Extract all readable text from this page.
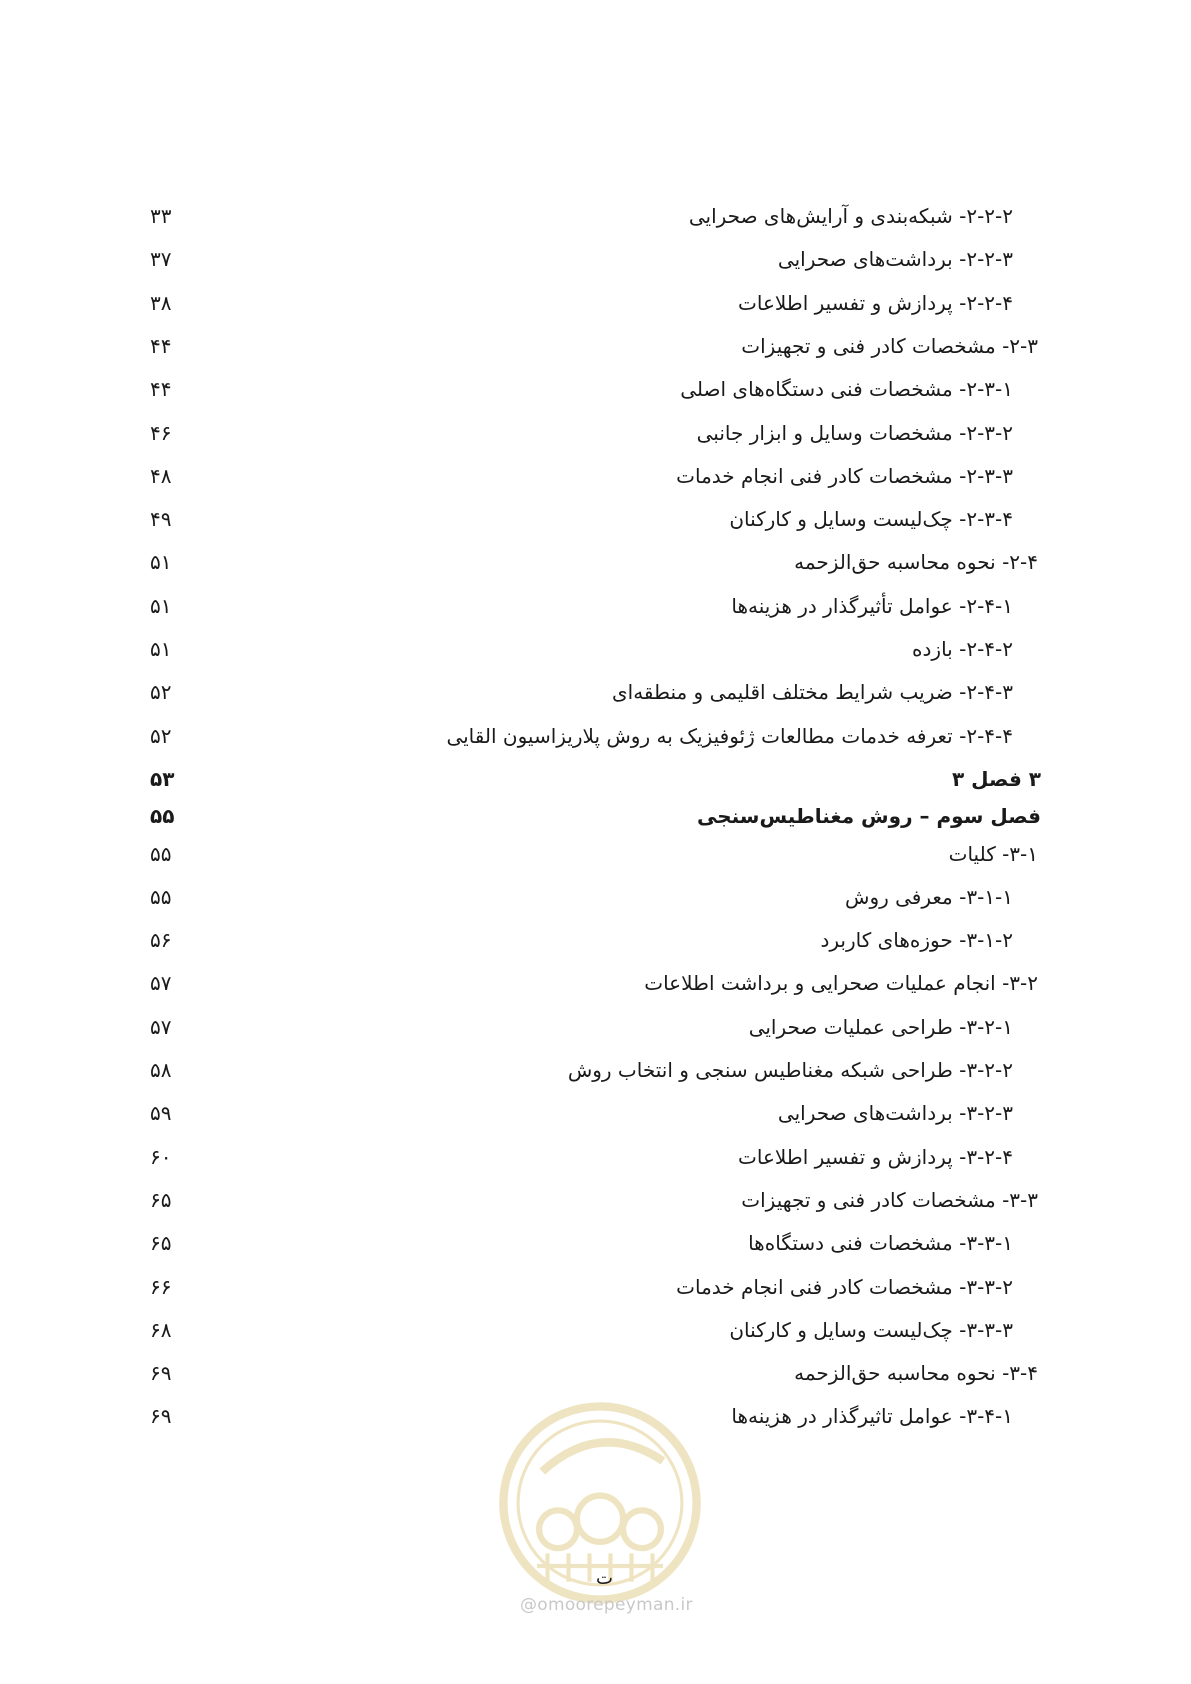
۲-۲-۲- شبکه‌بندی و آرایش‌های صحرایی
۳۳
۲-۲-۳- برداشت‌های صحرایی
۳۷
۲-۲-۴- پردازش و تفسیر اطلاعات
۳۸
۲-۳- مشخصات کادر فنی و تجهیزات
۴۴
۲-۳-۱- مشخصات فنی دستگاه‌های اصلی
۴۴
۲-۳-۲- مشخصات وسایل و ابزار جانبی
۴۶
۲-۳-۳- مشخصات کادر فنی انجام خدمات
۴۸
۲-۳-۴- چک‌لیست وسایل و کارکنان
۴۹
۲-۴- نحوه محاسبه حق‌الزحمه
۵۱
۲-۴-۱- عوامل تأثیرگذار در هزینه‌ها
۵۱
۲-۴-۲- بازده
۵۱
۲-۴-۳- ضریب شرایط مختلف اقلیمی و منطقه‌ای
۵۲
۲-۴-۴- تعرفه خدمات مطالعات ژئوفیزیک به روش پلاریزاسیون القایی
۵۲
۳ فصل ۳
۵۳
فصل سوم – روش مغناطیس‌سنجی
۵۵
۳-۱- کلیات
۵۵
۳-۱-۱- معرفی روش
۵۵
۳-۱-۲- حوزه‌های کاربرد
۵۶
۳-۲- انجام عملیات صحرایی و برداشت اطلاعات
۵۷
۳-۲-۱- طراحی عملیات صحرایی
۵۷
۳-۲-۲- طراحی شبکه مغناطیس سنجی و انتخاب روش
۵۸
۳-۲-۳- برداشت‌های صحرایی
۵۹
۳-۲-۴- پردازش و تفسیر اطلاعات
۶۰
۳-۳- مشخصات کادر فنی و تجهیزات
۶۵
۳-۳-۱- مشخصات فنی دستگاه‌ها
۶۵
۳-۳-۲- مشخصات کادر فنی انجام خدمات
۶۶
۳-۳-۳- چک‌لیست وسایل و کارکنان
۶۸
۳-۴- نحوه محاسبه حق‌الزحمه
۶۹
۳-۴-۱- عوامل تاثیرگذار در هزینه‌ها
۶۹
ت
@omoorepeyman.ir
